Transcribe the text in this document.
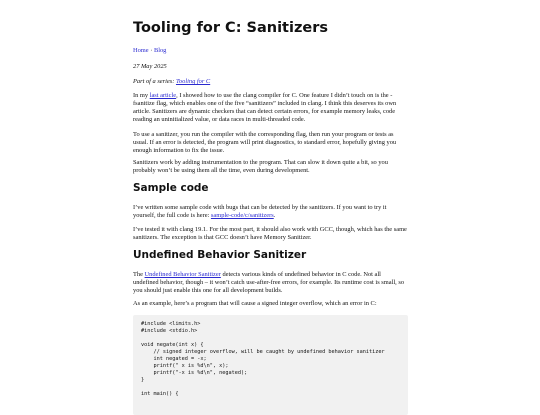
Tooling for C: Sanitizers

Home · Blog

27 May 2025

Part of a series: Tooling for C

In my last article, I showed how to use the clang compiler for C. One feature I didn’t touch on is the -fsanitize flag, which enables one of the five “sanitizers” included in clang. I think this deserves its own article. Sanitizers are dynamic checkers that can detect certain errors, for example memory leaks, code reading an uninitialized value, or data races in multi-threaded code.

To use a sanitizer, you run the compiler with the corresponding flag, then run your program or tests as usual. If an error is detected, the program will print diagnostics, to standard error, hopefully giving you enough information to fix the issue.

Sanitizers work by adding instrumentation to the program. That can slow it down quite a bit, so you probably won’t be using them all the time, even during development.

Sample code

I’ve written some sample code with bugs that can be detected by the sanitizers. If you want to try it yourself, the full code is here: sample-code/c/sanitizers.

I’ve tested it with clang 19.1. For the most part, it should also work with GCC, though, which has the same sanitizers. The exception is that GCC doesn’t have Memory Sanitizer.

Undefined Behavior Sanitizer

The Undefined Behavior Sanitizer detects various kinds of undefined behavior in C code. Not all undefined behavior, though – it won’t catch use-after-free errors, for example. Its runtime cost is small, so you should just enable this one for all development builds.

As an example, here’s a program that will cause a signed integer overflow, which an error in C:

#include <limits.h>
#include <stdio.h>

void negate(int x) {
// signed integer overflow, will be caught by undefined behavior sanitizer
int negated = -x;
printf(" x is %d\n", x);
printf("-x is %d\n", negated);
}

int main() {
